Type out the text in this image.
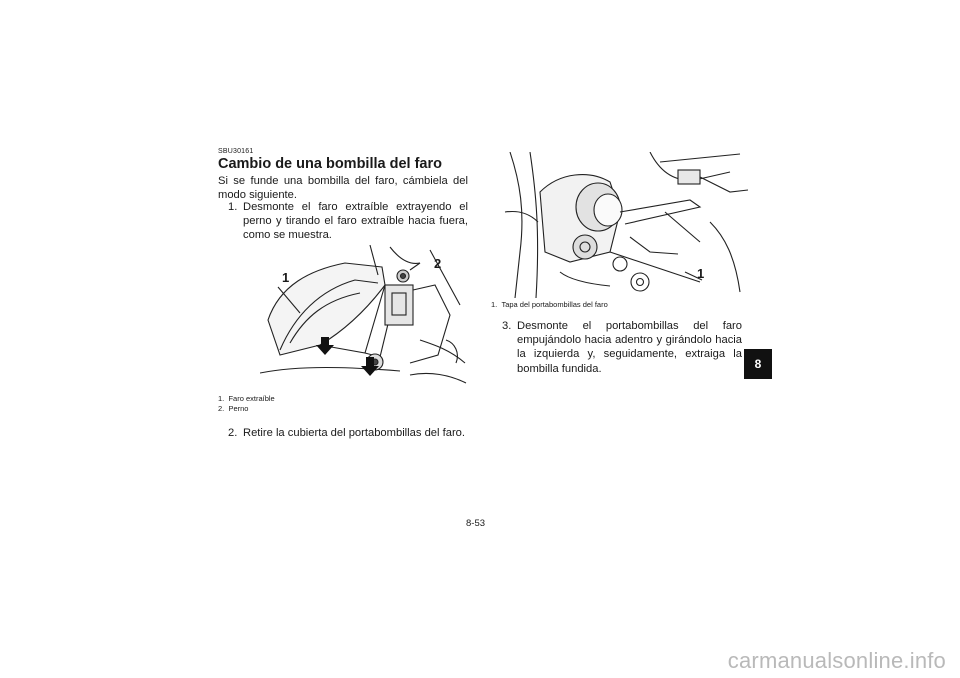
SBU30161
Cambio de una bombilla del faro

Si se funde una bombilla del faro, cámbiela del modo siguiente.

1. Desmonte el faro extraíble extrayendo el perno y tirando el faro extraíble hacia fuera, como se muestra.
1
2
1. Faro extraíble
2. Perno
2. Retire la cubierta del portabombillas del faro.
1
1. Tapa del portabombillas del faro
3. Desmonte el portabombillas del faro empujándolo hacia adentro y girándolo hacia la izquierda y, seguidamente, extraiga la bombilla fundida.	8
8-53
carmanualsonline.info
